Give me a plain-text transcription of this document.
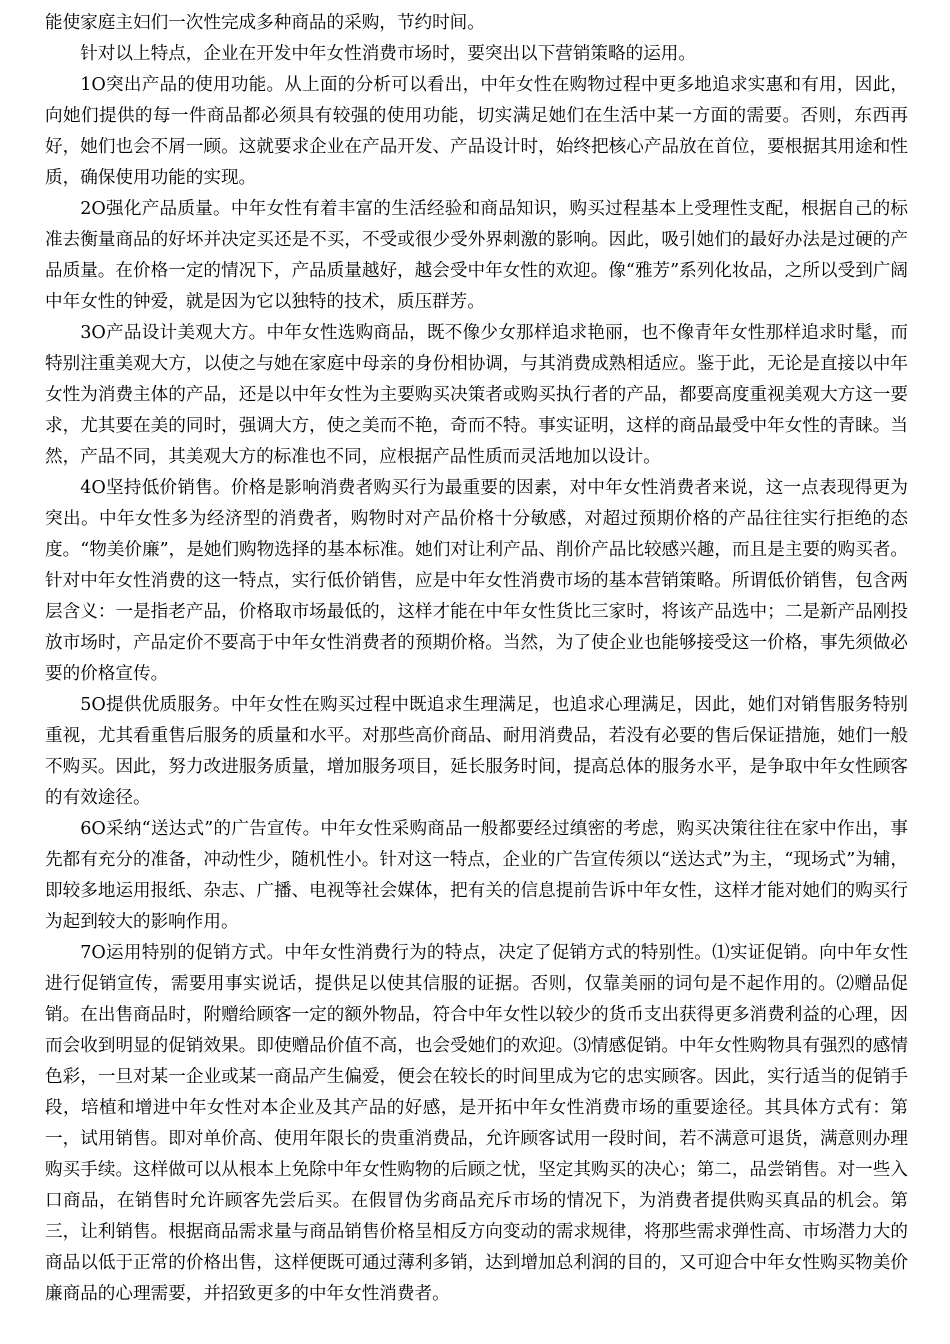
能使家庭主妇们一次性完成多种商品的采购，节约时间。

针对以上特点，企业在开发中年女性消费市场时，要突出以下营销策略的运用。

1O突出产品的使用功能。从上面的分析可以看出，中年女性在购物过程中更多地追求实惠和有用，因此，向她们提供的每一件商品都必须具有较强的使用功能，切实满足她们在生活中某一方面的需要。否则，东西再好，她们也会不屑一顾。这就要求企业在产品开发、产品设计时，始终把核心产品放在首位，要根据其用途和性质，确保使用功能的实现。

2O强化产品质量。中年女性有着丰富的生活经验和商品知识，购买过程基本上受理性支配，根据自己的标准去衡量商品的好坏并决定买还是不买，不受或很少受外界刺激的影响。因此，吸引她们的最好办法是过硬的产品质量。在价格一定的情况下，产品质量越好，越会受中年女性的欢迎。像“雅芳”系列化妆品，之所以受到广阔中年女性的钟爱，就是因为它以独特的技术，质压群芳。

3O产品设计美观大方。中年女性选购商品，既不像少女那样追求艳丽，也不像青年女性那样追求时髦，而特别注重美观大方，以使之与她在家庭中母亲的身份相协调，与其消费成熟相适应。鉴于此，无论是直接以中年女性为消费主体的产品，还是以中年女性为主要购买决策者或购买执行者的产品，都要高度重视美观大方这一要求，尤其要在美的同时，强调大方，使之美而不艳，奇而不特。事实证明，这样的商品最受中年女性的青睐。当然，产品不同，其美观大方的标准也不同，应根据产品性质而灵活地加以设计。

4O坚持低价销售。价格是影响消费者购买行为最重要的因素，对中年女性消费者来说，这一点表现得更为突出。中年女性多为经济型的消费者，购物时对产品价格十分敏感，对超过预期价格的产品往往实行拒绝的态度。“物美价廉”，是她们购物选择的基本标准。她们对让利产品、削价产品比较感兴趣，而且是主要的购买者。针对中年女性消费的这一特点，实行低价销售，应是中年女性消费市场的基本营销策略。所谓低价销售，包含两层含义：一是指老产品，价格取市场最低的，这样才能在中年女性货比三家时，将该产品选中；二是新产品刚投放市场时，产品定价不要高于中年女性消费者的预期价格。当然，为了使企业也能够接受这一价格，事先须做必要的价格宣传。

5O提供优质服务。中年女性在购买过程中既追求生理满足，也追求心理满足，因此，她们对销售服务特别重视，尤其看重售后服务的质量和水平。对那些高价商品、耐用消费品，若没有必要的售后保证措施，她们一般不购买。因此，努力改进服务质量，增加服务项目，延长服务时间，提高总体的服务水平，是争取中年女性顾客的有效途径。

6O采纳“送达式”的广告宣传。中年女性采购商品一般都要经过缜密的考虑，购买决策往往在家中作出，事先都有充分的准备，冲动性少，随机性小。针对这一特点，企业的广告宣传须以“送达式”为主，“现场式”为辅，即较多地运用报纸、杂志、广播、电视等社会媒体，把有关的信息提前告诉中年女性，这样才能对她们的购买行为起到较大的影响作用。

7O运用特别的促销方式。中年女性消费行为的特点，决定了促销方式的特别性。⑴实证促销。向中年女性进行促销宣传，需要用事实说话，提供足以使其信服的证据。否则，仅靠美丽的词句是不起作用的。⑵赠品促销。在出售商品时，附赠给顾客一定的额外物品，符合中年女性以较少的货币支出获得更多消费利益的心理，因而会收到明显的促销效果。即使赠品价值不高，也会受她们的欢迎。⑶情感促销。中年女性购物具有强烈的感情色彩，一旦对某一企业或某一商品产生偏爱，便会在较长的时间里成为它的忠实顾客。因此，实行适当的促销手段，培植和增进中年女性对本企业及其产品的好感，是开拓中年女性消费市场的重要途径。其具体方式有：第一，试用销售。即对单价高、使用年限长的贵重消费品，允许顾客试用一段时间，若不满意可退货，满意则办理购买手续。这样做可以从根本上免除中年女性购物的后顾之忧，坚定其购买的决心；第二，品尝销售。对一些入口商品，在销售时允许顾客先尝后买。在假冒伪劣商品充斥市场的情况下，为消费者提供购买真品的机会。第三，让利销售。根据商品需求量与商品销售价格呈相反方向变动的需求规律，将那些需求弹性高、市场潜力大的商品以低于正常的价格出售，这样便既可通过薄利多销，达到增加总利润的目的，又可迎合中年女性购买物美价廉商品的心理需要，并招致更多的中年女性消费者。
